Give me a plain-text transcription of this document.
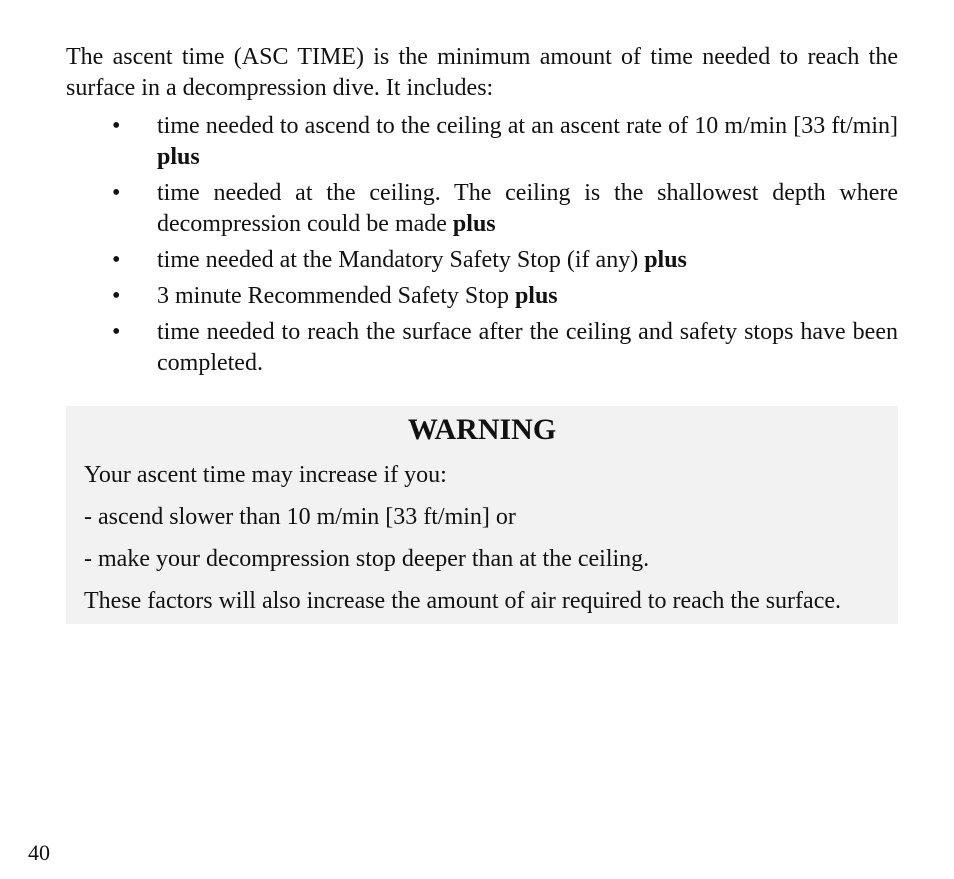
The ascent time (ASC TIME) is the minimum amount of time needed to reach the surface in a decompression dive. It includes:

• time needed to ascend to the ceiling at an ascent rate of 10 m/min [33 ft/min] plus
• time needed at the ceiling. The ceiling is the shallowest depth where decompression could be made plus
• time needed at the Mandatory Safety Stop (if any) plus
• 3 minute Recommended Safety Stop plus
• time needed to reach the surface after the ceiling and safety stops have been completed.
WARNING
Your ascent time may increase if you:
- ascend slower than 10 m/min [33 ft/min] or
- make your decompression stop deeper than at the ceiling.
These factors will also increase the amount of air required to reach the surface.
40
